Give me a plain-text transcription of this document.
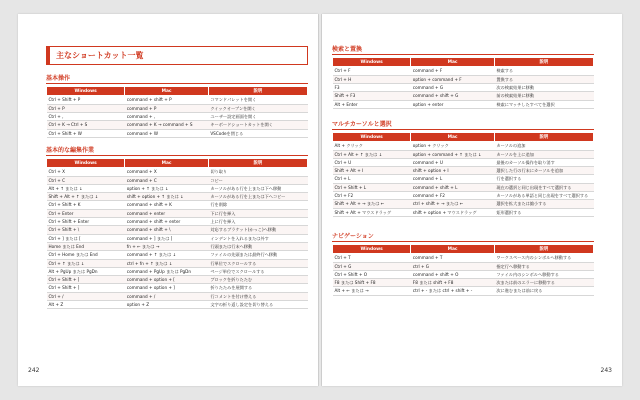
主なショートカット一覧
基本操作
Windows	Mac	説明
Ctrl + Shift + P	command + shift + P	コマンドパレットを開く
Ctrl + P	command + P	クイックオープンを開く
Ctrl + ,	command + ,	ユーザー設定画面を開く
Ctrl + K → Ctrl + S	command + K → command + S	キーボードショートカットを開く
Ctrl + Shift + W	command + W	VSCodeを閉じる
基本的な編集作業
Windows	Mac	説明
Ctrl + X	command + X	切り取り
Ctrl + C	command + C	コピー
Alt + ↑ または ↓	option + ↑ または ↓	カーソルがある行を上または下へ移動
Shift + Alt + ↑ または ↓	shift + option + ↑ または ↓	カーソルがある行を上または下へコピー
Ctrl + Shift + K	command + shift + K	行を削除
Ctrl + Enter	command + enter	下に行を挿入
Ctrl + Shift + Enter	command + shift + enter	上に行を挿入
Ctrl + Shift + \	command + shift + \	対応するブラケット(かっこ)へ移動
Ctrl + ] または [	command + ] または [	インデントを入れるまたは外す
Home または End	fn + ← または →	行頭または行末へ移動
Ctrl + Home または End	command + ↑ または ↓	ファイルの先頭または最終行へ移動
Ctrl + ↑ または ↓	ctrl + fn + ↑ または ↓	行単位でスクロールする
Alt + PgUp または PgDn	command + PgUp または PgDn	ページ単位でスクロールする
Ctrl + Shift + [	command + option + [	ブロックを折りたたむ
Ctrl + Shift + ]	command + option + ]	折りたたみを展開する
Ctrl + /	command + /	行コメントを付け替える
Alt + Z	option + Z	文字の折り返し設定を切り替える
242
検索と置換
Windows	Mac	説明
Ctrl + F	command + F	検索する
Ctrl + H	option + command + F	置換する
F3	command + G	次の検索結果に移動
Shift + F3	command + shift + G	前の検索結果に移動
Alt + Enter	option + enter	検索にマッチしたすべてを選択
マルチカーソルと選択
Windows	Mac	説明
Alt + クリック	option + クリック	カーソルの追加
Ctrl + Alt + ↑ または ↓	option + command + ↑ または ↓	カーソルを上に追加
Ctrl + U	command + U	最後のカーソル操作を取り消す
Shift + Alt + I	shift + option + I	選択した行の行末にカーソルを追加
Ctrl + L	command + L	行を選択する
Ctrl + Shift + L	command + shift + L	現在の選択と同じ出現をすべて選択する
Ctrl + F2	command + F2	カーソルがある単語と同じ出現をすべて選択する
Shift + Alt + → または ←	ctrl + shift + → または ←	選択を拡大または縮小する
Shift + Alt + マウスドラッグ	shift + option + マウスドラッグ	矩形選択する
ナビゲーション
Windows	Mac	説明
Ctrl + T	command + T	ワークスペース内のシンボルへ移動する
Ctrl + G	ctrl + G	指定行へ移動する
Ctrl + Shift + O	command + shift + O	ファイル内のシンボルへ移動する
F8 または Shift + F8	F8 または shift + F8	次または前のエラーに移動する
Alt + ← または →	ctrl + - または ctrl + shift + -	次に進むまたは前に戻る
243
